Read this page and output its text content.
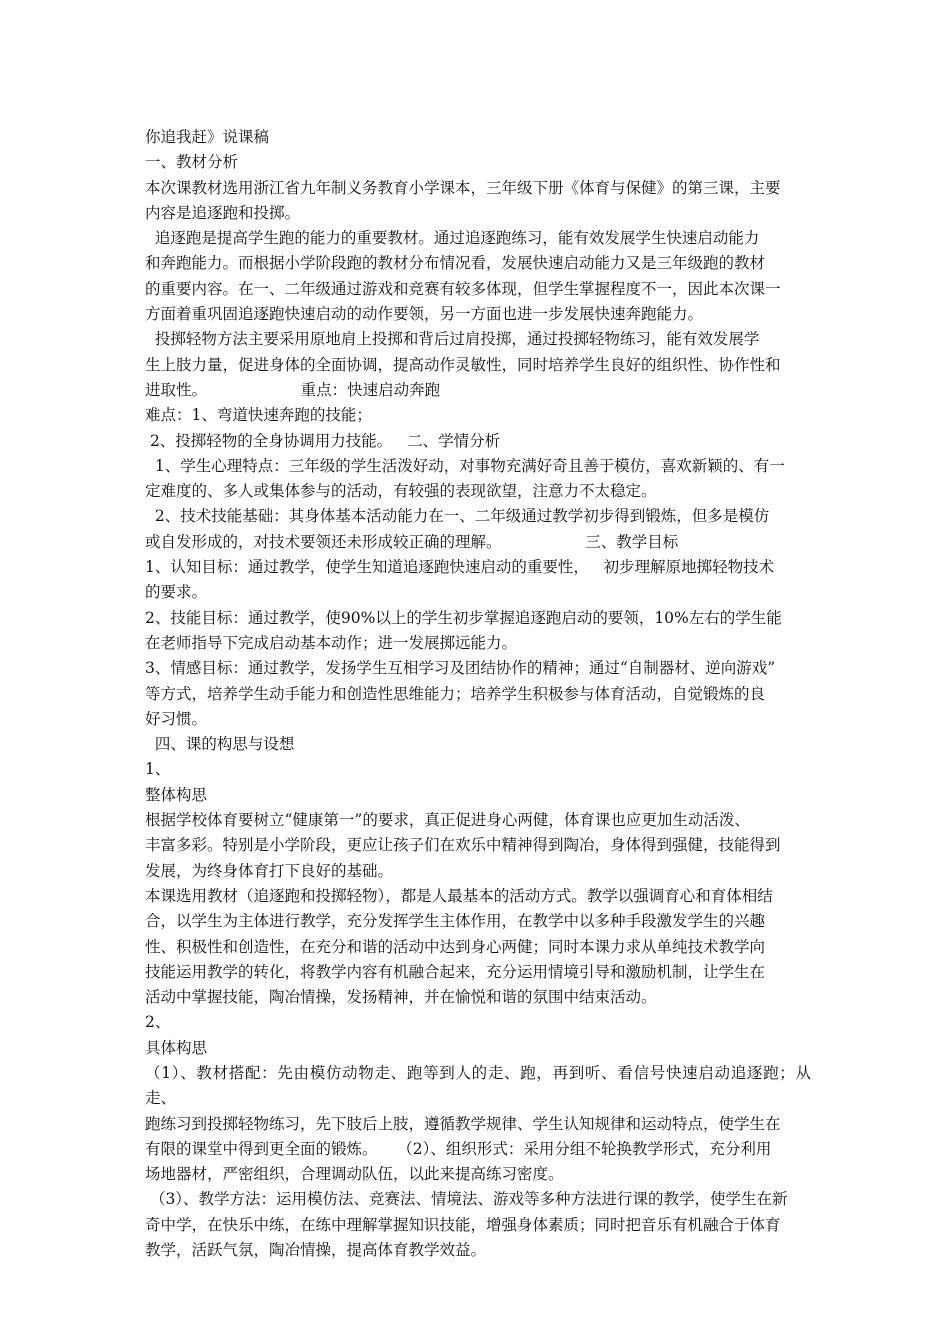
你追我赶》说课稿
一、教材分析
本次课教材选用浙江省九年制义务教育小学课本，三年级下册《体育与保健》的第三课，主要
内容是追逐跑和投掷。
追逐跑是提高学生跑的能力的重要教材。通过追逐跑练习，能有效发展学生快速启动能力
和奔跑能力。而根据小学阶段跑的教材分布情况看，发展快速启动能力又是三年级跑的教材
的重要内容。在一、二年级通过游戏和竞赛有较多体现，但学生掌握程度不一，因此本次课一
方面着重巩固追逐跑快速启动的动作要领，另一方面也进一步发展快速奔跑能力。
投掷轻物方法主要采用原地肩上投掷和背后过肩投掷，通过投掷轻物练习，能有效发展学
生上肢力量，促进身体的全面协调，提高动作灵敏性，同时培养学生良好的组织性、协作性和
进取性。                   重点：快速启动奔跑
难点：1、弯道快速奔跑的技能；
2、投掷轻物的全身协调用力技能。   二、学情分析
1、学生心理特点：三年级的学生活泼好动，对事物充满好奇且善于模仿，喜欢新颖的、有一
定难度的、多人或集体参与的活动，有较强的表现欲望，注意力不太稳定。
2、技术技能基础：其身体基本活动能力在一、二年级通过教学初步得到锻炼，但多是模仿
或自发形成的，对技术要领还未形成较正确的理解。                 三、教学目标
1、认知目标：通过教学，使学生知道追逐跑快速启动的重要性，   初步理解原地掷轻物技术
的要求。
2、技能目标：通过教学，使90%以上的学生初步掌握追逐跑启动的要领，10%左右的学生能
在老师指导下完成启动基本动作；进一发展掷远能力。
3、情感目标：通过教学，发扬学生互相学习及团结协作的精神；通过“自制器材、逆向游戏”
等方式，培养学生动手能力和创造性思维能力；培养学生积极参与体育活动，自觉锻炼的良
好习惯。
四、课的构思与设想
1、
整体构思
根据学校体育要树立“健康第一”的要求，真正促进身心两健，体育课也应更加生动活泼、
丰富多彩。特别是小学阶段，更应让孩子们在欢乐中精神得到陶冶，身体得到强健，技能得到
发展，为终身体育打下良好的基础。
本课选用教材（追逐跑和投掷轻物），都是人最基本的活动方式。教学以强调育心和育体相结
合，以学生为主体进行教学，充分发挥学生主体作用，在教学中以多种手段激发学生的兴趣
性、积极性和创造性，在充分和谐的活动中达到身心两健；同时本课力求从单纯技术教学向
技能运用教学的转化，将教学内容有机融合起来，充分运用情境引导和激励机制，让学生在
活动中掌握技能，陶冶情操，发扬精神，并在愉悦和谐的氛围中结束活动。
2、
具体构思
（1）、教材搭配：先由模仿动物走、跑等到人的走、跑，再到听、看信号快速启动追逐跑；从走、
跑练习到投掷轻物练习，先下肢后上肢，遵循教学规律、学生认知规律和运动特点，使学生在
有限的课堂中得到更全面的锻炼。    （2）、组织形式：采用分组不轮换教学形式，充分利用
场地器材，严密组织，合理调动队伍，以此来提高练习密度。
（3）、教学方法：运用模仿法、竞赛法、情境法、游戏等多种方法进行课的教学，使学生在新
奇中学，在快乐中练，在练中理解掌握知识技能，增强身体素质；同时把音乐有机融合于体育
教学，活跃气氛，陶冶情操，提高体育教学效益。
